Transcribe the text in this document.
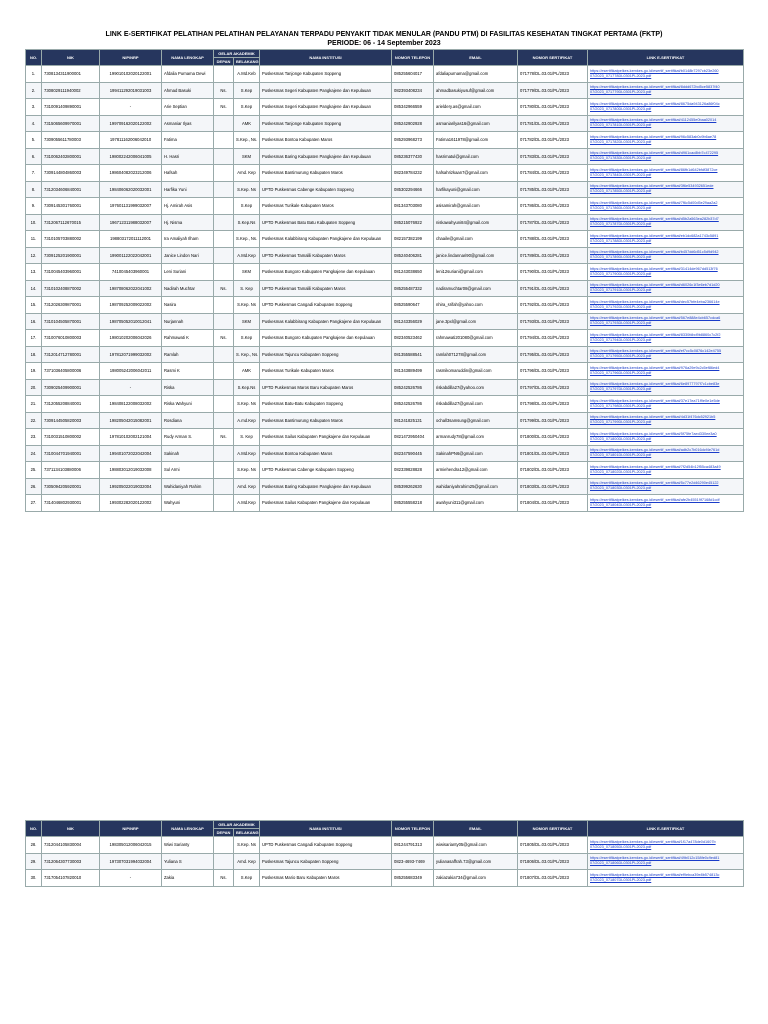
LINK E-SERTIFIKAT PELATIHAN PELATIHAN PELAYANAN TERPADU PENYAKIT TIDAK MENULAR (PANDU PTM) DI FASILITAS KESEHATAN TINGKAT PERTAMA (FKTP)
PERIODE: 06 - 14 September 2023
NO.	NIK	NIP/NRP	NAMA LENGKAP	GELAR AKADEMIK		NAMA INSTITUSI	NOMOR TELEPON	EMAIL	NOMOR SERTIFIKAT	LINK E-SERTIFIKAT
				DEPAN	BELAKANG					
1.	7308134311900001	199010102020122001	Afdalia Purnama Dewi		A.Md.Keb	Puskesmas Tanjonge Kabupaten Soppeng	085255604017	afdaliapurnama@gmail.com	071778/DL.03.01/PL/2023	https://esertifikatpelkes.kemkes.go.id/esertif_sertifikat/b0148b7297cb23e260 07/2023_071778DL0301PL2023.pdf
2.	7308029111940002	199411292019031003	Ahmad Basuki	Ns.	S.Kep	Puskesmas Segeri Kabupaten Pangkajene dan Kepulauan	082393408234	ahmadbasukiyusuf@gmail.com	071779/DL.03.01/PL/2023	https://esertifikatpelkes.kemkes.go.id/esertif_sertifikat/8ddd672bd5ce5837f40 07/2023_071779DL0301PL2023.pdf
3.	7310091409890001	-	Arie Septian	Ns.	S.Kep	Puskesmas Segeri Kabupaten Pangkajene dan Kepulauan	085342966559	arieldery.as@gmail.com	071780/DL.03.01/PL/2023	https://esertifikatpelkes.kemkes.go.id/esertif_sertifikat/8675da943126a86f04c 07/2023_071780DL0301PL2023.pdf
4.	7315065609970001	199709162020122002	Asmaniar Ilyas		AMK	Puskesmas Tanjonge Kabupaten Soppeng	085242902928	asmaniarilyas16@gmail.com	071781/DL.03.01/PL/2023	https://esertifikatpelkes.kemkes.go.id/esertif_sertifikat/4112455e0baa02014 07/2023_071781DL0301PL2023.pdf
5.	7309055611780003	197811162006042010	Fatima		S.Kep., Ns.	Puskesmas Bontoa Kabupaten Maros	085293968273	Fatima1611978@gmail.com	071782/DL.03.01/PL/2023	https://esertifikatpelkes.kemkes.go.id/esertif_sertifikat/96c583ab0c9b6ae78 07/2023_071782DL0301PL2023.pdf
6.	7310062402800001	198002242006041005	H. Hasri		SKM	Puskesmas Baring Kabupaten Pangkajene dan Kepulauan	085236377430	hasrimatul@gmail.com	071783/DL.03.01/PL/2023	https://esertifikatpelkes.kemkes.go.id/esertif_sertifikat/d961cac8bb7c472295 07/2023_071783DL0301PL2023.pdf
7.	7309144804860003	198604082023212006	Hafsah		Amd. Kep	Puskesmas Bantimurung Kabupaten Maros	082349784232	hafsahrizkaan7@gmail.com	071784/DL.03.01/PL/2023	https://esertifikatpelkes.kemkes.go.id/esertif_sertifikat/86fb1d642bfdf3872ce 07/2023_071784DL0301PL2023.pdf
8.	7312034606840001	198406062020032001	Harfika Yuni		S.Kep. Ns	UPTD Puskesmas Cabenge Kabupaten Soppeng	085302294666	harfikayuni@gmail.com	071785/DL.03.01/PL/2023	https://esertifikatpelkes.kemkes.go.id/esertif_sertifikat/3f6e534932651ede 07/2023_071785DL0301PL2023.pdf
9.	7309145301760001	197601131999032007	Hj. Amirah Asis		S.Kep	Puskesmas Turikale Kabupaten Maros	081343703080	asisamirah@gmail.com	071786/DL.03.01/PL/2023	https://esertifikatpelkes.kemkes.go.id/esertif_sertifikat/7f6c5d00d5e29aa2a2 07/2023_071786DL0301PL2023.pdf
10.	7312067112670015	196712311988032007	Hj. Nisma		S.Kep.Ns	UPTD Puskesmas Batu Batu Kabupaten Soppeng	085215076922	niskawahyuni84@gmail.com	071787/DL.03.01/PL/2023	https://esertifikatpelkes.kemkes.go.id/esertif_sertifikat/d5b2a563ea282b37d7 07/2023_071787DL0301PL2023.pdf
11.	7310105703880002	198803172011112001	Ira Amaliyah Ilham		S.Kep., Ns.	Puskesmas Kalabbirang Kabupaten Pangkajene dan Kepulauan	082157382199	chaaile@gmail.com	071788/DL.03.01/PL/2023	https://esertifikatpelkes.kemkes.go.id/esertif_sertifikat/eb1dc682a1743c5891 07/2023_071788DL0301PL2023.pdf
12.	7309125201900001	199001122022042001	Janice Lindon Nari		A.Md.Kep	UPTD Puskesmas Tamalili Kabupaten Maros	085240406281	janice.lindannari90@gmail.com	071789/DL.03.01/PL/2023	https://esertifikatpelkes.kemkes.go.id/esertif_sertifikat/b457dd6d51c5d9d942 07/2023_071789DL0301PL2023.pdf
13.	7310045403960001	7410045403960001	Leni Suriani		SKM	Puskesmas Bungoro Kabupaten Pangkajene dan Kepulauan	081243038650	leni12suriani@gmail.com	071790/DL.03.01/PL/2023	https://esertifikatpelkes.kemkes.go.id/esertif_sertifikat/31414de967dd513f76 07/2023_071790DL0301PL2023.pdf
14.	7310102408870002	198708062022041002	Nadirah Muchtar	Ns.	S. Kep	UPTD Puskesmas Tamalili Kabupaten Maros	085255487332	nadiramuchtar08@gmail.com	071791/DL.03.01/PL/2023	https://esertifikatpelkes.kemkes.go.id/esertif_sertifikat/d6026c1f3e6eb7d1d20 07/2023_071791DL0301PL2023.pdf
15.	7312026309870001	198709252009022002	Nasira		S.Kep. Ns	UPTD Puskesmas Cangadi Kabupaten Soppeng	08525590647	nhira_srifah@yahoo.com	071792/DL.03.01/PL/2023	https://esertifikatpelkes.kemkes.go.id/esertif_sertifikat/dec57bfe4eba236614e 07/2023_071792DL0301PL2023.pdf
16.	7310104505870001	198705052010012041	Nurjannah		SKM	Puskesmas Kalabbirang Kabupaten Pangkajene dan Kepulauan	081243356029	jane.3pxl@gmail.com	071793/DL.03.01/PL/2023	https://esertifikatpelkes.kemkes.go.id/esertif_sertifikat/567e888e4cb657cdca6 07/2023_071793DL0301PL2023.pdf
17.	7310076010800003	198010202006042026	Rahmawati K	Ns.	S.Kep	Puskesmas Bungoro Kabupaten Pangkajene dan Kepulauan	082340523462	rahmawati201080@gmail.com	071794/DL.03.01/PL/2023	https://esertifikatpelkes.kemkes.go.id/esertif_sertifikat/8330fdbd9b8860c7c2f2 07/2023_071794DL0301PL2023.pdf
18.	7312014712780001	197812071999032002	Ramlah		S. Kep., Ns.	Puskesmas Tajuncu Kabupaten Soppeng	081355588541	ramlah071278@gmail.com	071795/DL.03.01/PL/2023	https://esertifikatpelkes.kemkes.go.id/esertif_sertifikat/ef7cc5c0876c142e4755 07/2023_071795DL0301PL2023.pdf
19.	7371036405800006	198005242006042011	Rasmi K		AMK	Puskesmas Turikale Kabupaten Maros	081343889499	rasmikomaruddin@gmail.com	071796/DL.03.01/PL/2023	https://esertifikatpelkes.kemkes.go.id/esertif_sertifikat/976a29e9c2c5ef86ed4 07/2023_071796DL0301PL2023.pdf
20.	7309025409900001	-	Riska		S.Kep.Ns	UPTD Puskesmas Maros Baru Kabupaten Maros	085242526786	riskabdilla27@yahoo.com	071797/DL.03.01/PL/2023	https://esertifikatpelkes.kemkes.go.id/esertif_sertifikat/6e8977797f7c1cbe83e 07/2023_071797DL0301PL2023.pdf
21.	7312055208840001	198408122008032002	Riska Wahyuni		S.Kep. Ns	Puskesmas Batu-Batu Kabupaten Soppeng	085242526786	riskabdilla27@gmail.com	071798/DL.03.01/PL/2023	https://esertifikatpelkes.kemkes.go.id/esertif_sertifikat/37e17ea71f9e0e1e5de 07/2023_071798DL0301PL2023.pdf
22.	7309144505820003	198205042015082001	Rosdiana		A.md.Kep	Puskesmas Bantimurung Kabupaten Maros	081241825131	ochall3samsung@gmail.com	071799/DL.03.01/PL/2023	https://esertifikatpelkes.kemkes.go.id/esertif_sertifikat/4d31f476dc52921b5 07/2023_071799DL0301PL2023.pdf
23.	7310031510800002	197810102002121004	Rudy Arman S.	Ns.	S. Kep	Puskesmas Sailus Kabupaten Pangkajene dan Kepulauan	0821472950404	armanrudy78@gmail.com	071800/DL.03.01/PL/2023	https://esertifikatpelkes.kemkes.go.id/esertif_sertifikat/5f75fe7aed330ee3a0 07/2023_071800DL0301PL2023.pdf
24.	7310044701940001	199401072022042004	Sakinah		A.Md.Kep	Puskesmas Bontoa Kabupaten Maros	082347590445	SakinahPN6@gmail.com	071801/DL.03.01/PL/2023	https://esertifikatpelkes.kemkes.go.id/esertif_sertifikat/adb2c7b016dcf4e761d 07/2023_071801DL0301PL2023.pdf
25.	7371134103880006	198803012019032008	Sul Armi		S.Kep. Ns	UPTD Puskesmas Cabenge Kabupaten Soppeng	082339828828	armiehendra12@gmail.com	071802/DL.03.01/PL/2023	https://esertifikatpelkes.kemkes.go.id/esertif_sertifikat/7f2d54b12f55ca483a49 07/2023_071802DL0301PL2023.pdf
26.	7305094205920001	199205022019032004	Wahidaniyah Rahim		Amd. Kep	Puskesmas Baring Kabupaten Pangkajene dan Kepulauan	085399262630	wahidaniyahrahim25@gmail.com	071803/DL.03.01/PL/2023	https://esertifikatpelkes.kemkes.go.id/esertif_sertifikat/5c77e2d46290e45122 07/2023_071803DL0301PL2023.pdf
27.	7314046802930001	199302282020122002	Wahyuni		A.Md.Kep	Puskesmas Sailus Kabupaten Pangkajene dan Kepulauan	085255558218	awahyuni311@gmail.com	071804/DL.03.01/PL/2023	https://esertifikatpelkes.kemkes.go.id/esertif_sertifikat/afe2b45519f7168d1cdf 07/2023_071804DL0301PL2023.pdf
NO.	NIK	NIP/NRP	NAMA LENGKAP	GELAR AKADEMIK		NAMA INSTITUSI	NOMOR TELEPON	EMAIL	NOMOR SERTIFIKAT	LINK E-SERTIFIKAT
				DEPAN	BELAKANG					
28.	7312044105830004	198305012006042015	Wiwi Sarianty		S.Kep. Ns	UPTD Puskesmas Cangadi Kabupaten Soppeng	081244791313	wiwisarianty05@gmail.com	071805/DL.03.01/PL/2023	https://esertifikatpelkes.kemkes.go.id/esertif_sertifikat/1f17a478de0d1607b 07/2023_071805DL0301PL2023.pdf
29.	7312064307730003	197307031994032004	Yuliana S		Amd. Kep	Puskesmas Tajuncu Kabupaten Soppeng	0823-4693-7469	yulianasaffrah.73@gmail.com	071806/DL.03.01/PL/2023	https://esertifikatpelkes.kemkes.go.id/esertif_sertifikat/49b012c158fe0c9ed81 07/2023_071806DL0301PL2023.pdf
30.	7317054107820010	-	Zakia	Ns.	S.Kep	Puskesmas Mario Baru Kabupaten Maros	085255683349	zakiazakia734@gmail.com	071807/DL.03.01/PL/2023	https://esertifikatpelkes.kemkes.go.id/esertif_sertifikat/ef9ebca39e8b574813c 07/2023_071807DL0301PL2023.pdf
